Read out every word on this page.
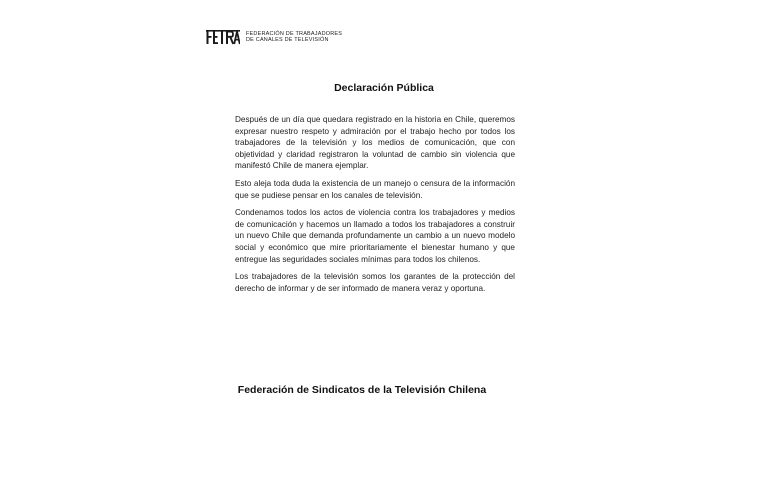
FEDERACIÓN DE TRABAJADORES
DE CANALES DE TELEVISIÓN
Declaración Pública

Después de un día que quedara registrado en la historia en Chile, queremos expresar nuestro respeto y admiración por el trabajo hecho por todos los trabajadores de la televisión y los medios de comunicación, que con objetividad y claridad registraron la voluntad de cambio sin violencia que manifestó Chile de manera ejemplar.

Esto aleja toda duda la existencia de un manejo o censura de la información que se pudiese pensar en los canales de televisión.

Condenamos todos los actos de violencia contra los trabajadores y medios de comunicación y hacemos un llamado a todos los trabajadores a construir un nuevo Chile que demanda profundamente un cambio a un nuevo modelo social y económico que mire prioritariamente el bienestar humano y que entregue las seguridades sociales mínimas para todos los chilenos.

Los trabajadores de la televisión somos los garantes de la protección del derecho de informar y de ser informado de manera veraz y oportuna.

Federación de Sindicatos de la Televisión Chilena
